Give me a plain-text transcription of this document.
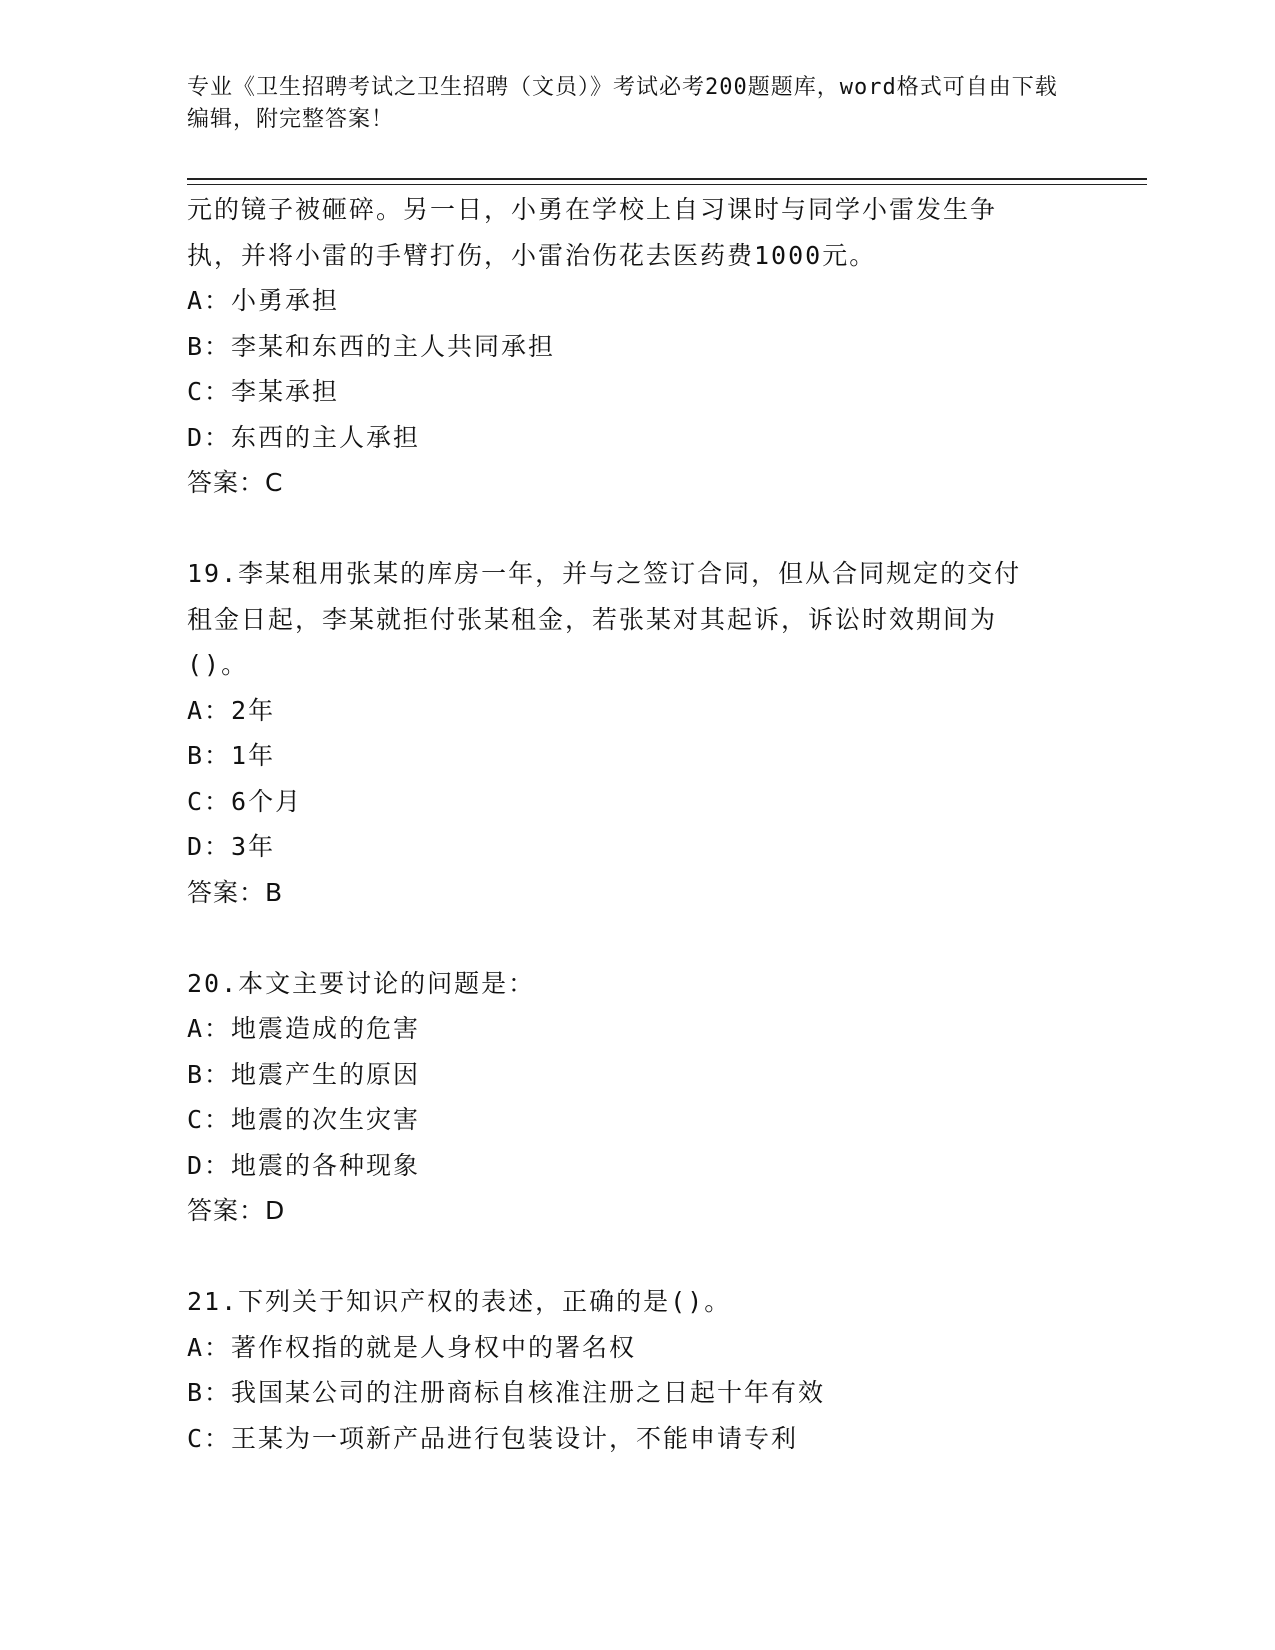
专业《卫生招聘考试之卫生招聘（文员）》考试必考200题题库，word格式可自由下载编辑，附完整答案！
元的镜子被砸碎。另一日，小勇在学校上自习课时与同学小雷发生争
执，并将小雷的手臂打伤，小雷治伤花去医药费1000元。
A：小勇承担
B：李某和东西的主人共同承担
C：李某承担
D：东西的主人承担
答案：C
19.李某租用张某的库房一年，并与之签订合同，但从合同规定的交付
租金日起，李某就拒付张某租金，若张某对其起诉，诉讼时效期间为
()。
A：2年
B：1年
C：6个月
D：3年
答案：B
20.本文主要讨论的问题是：
A：地震造成的危害
B：地震产生的原因
C：地震的次生灾害
D：地震的各种现象
答案：D
21.下列关于知识产权的表述，正确的是()。
A：著作权指的就是人身权中的署名权
B：我国某公司的注册商标自核准注册之日起十年有效
C：王某为一项新产品进行包装设计，不能申请专利
